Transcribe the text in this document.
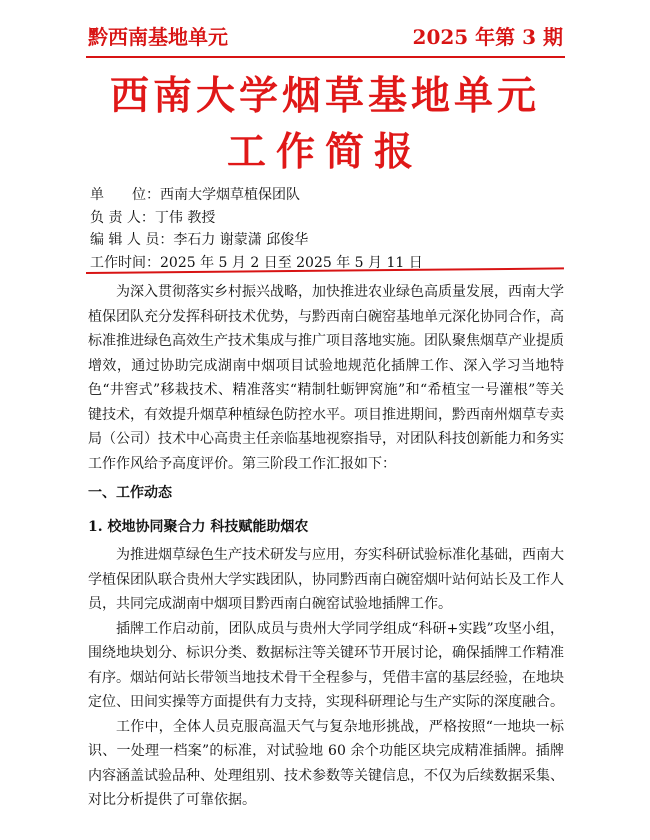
黔西南基地单元	2025 年第 3 期
西南大学烟草基地单元
工作简报
单　　位：西南大学烟草植保团队
负 责 人：丁伟 教授
编 辑 人 员：李石力 谢蒙潇 邱俊华
工作时间：2025 年 5 月 2 日至 2025 年 5 月 11 日

为深入贯彻落实乡村振兴战略，加快推进农业绿色高质量发展，西南大学植保团队充分发挥科研技术优势，与黔西南白碗窑基地单元深化协同合作，高标准推进绿色高效生产技术集成与推广项目落地实施。团队聚焦烟草产业提质增效，通过协助完成湖南中烟项目试验地规范化插牌工作、深入学习当地特色“井窖式”移栽技术、精准落实“精制牡蛎钾窝施”和“希植宝一号灌根”等关键技术，有效提升烟草种植绿色防控水平。项目推进期间，黔西南州烟草专卖局（公司）技术中心高贵主任亲临基地视察指导，对团队科技创新能力和务实工作作风给予高度评价。第三阶段工作汇报如下：

一、工作动态

1. 校地协同聚合力 科技赋能助烟农

为推进烟草绿色生产技术研发与应用，夯实科研试验标准化基础，西南大学植保团队联合贵州大学实践团队，协同黔西南白碗窑烟叶站何站长及工作人员，共同完成湖南中烟项目黔西南白碗窑试验地插牌工作。

插牌工作启动前，团队成员与贵州大学同学组成“科研+实践”攻坚小组，围绕地块划分、标识分类、数据标注等关键环节开展讨论，确保插牌工作精准有序。烟站何站长带领当地技术骨干全程参与，凭借丰富的基层经验，在地块定位、田间实操等方面提供有力支持，实现科研理论与生产实际的深度融合。

工作中，全体人员克服高温天气与复杂地形挑战，严格按照“一地块一标识、一处理一档案”的标准，对试验地 60 余个功能区块完成精准插牌。插牌内容涵盖试验品种、处理组别、技术参数等关键信息，不仅为后续数据采集、对比分析提供了可靠依据。
